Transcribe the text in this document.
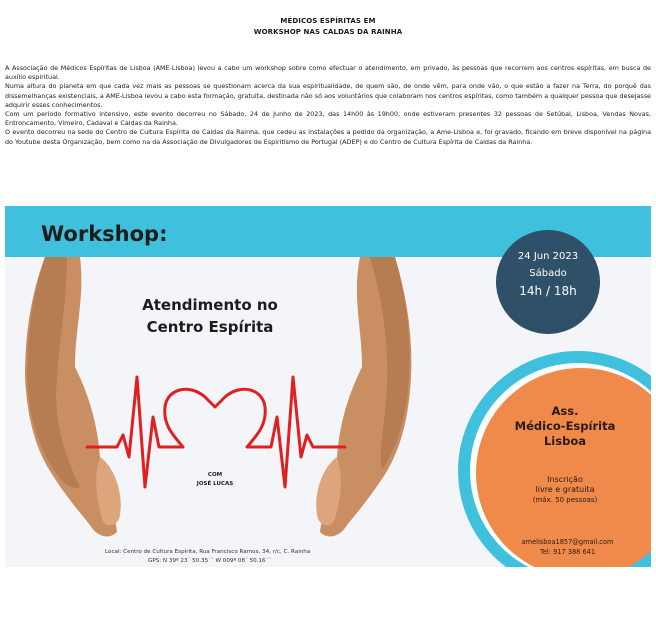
MÉDICOS ESPÍRITAS EM
WORKSHOP NAS CALDAS DA RAINHA

A Associação de Médicos Espíritas de Lisboa (AME-Lisboa) levou a cabo um workshop sobre como efectuar o atendimento, em privado, às pessoas que recorrem aos centros espíritas, em busca de auxílio espiritual.

Numa altura do planeta em que cada vez mais as pessoas se questionam acerca da sua espiritualidade, de quem são, de onde vêm, para onde vão, o que estão a fazer na Terra, do porquê das dissemelhanças existenciais, a AME-Lisboa levou a cabo esta formação, gratuita, destinada não só aos voluntários que colaboram nos centros espíritas, como também a qualquer pessoa que desejasse adquirir esses conhecimentos.

Com um período formativo intensivo, este evento decorreu no Sábado, 24 de Junho de 2023, das 14h00 às 19h00, onde estiveram presentes 32 pessoas de Setúbal, Lisboa, Vendas Novas, Entroncamento, Vimeiro, Cadaval e Caldas da Rainha.

O evento decorreu na sede do Centro de Cultura Espírita de Caldas da Rainha, que cedeu as instalações a pedido da organização, a Ame-Lisboa e, foi gravado, ficando em breve disponível na página do Youtube desta Organização, bem como na da Associação de Divulgadores de Espiritismo de Portugal (ADEP) e do Centro de Cultura Espírita de Caldas da Rainha.

Workshop:
24 Jun 2023
Sábado
14h / 18h
Atendimento no
Centro Espírita
COM
JOSÉ LUCAS
Local: Centro de Cultura Espírita, Rua Francisco Ramos, 34, r/c, C. Rainha
GPS: N 39º 23´ 50.35´´ W 009º 08´ 50.16´´
Ass.
Médico-Espírita
Lisboa
Inscrição
livre e gratuita
(máx. 50 pessoas)
amelisboa1857@gmail.com
Tel: 917 388 641
